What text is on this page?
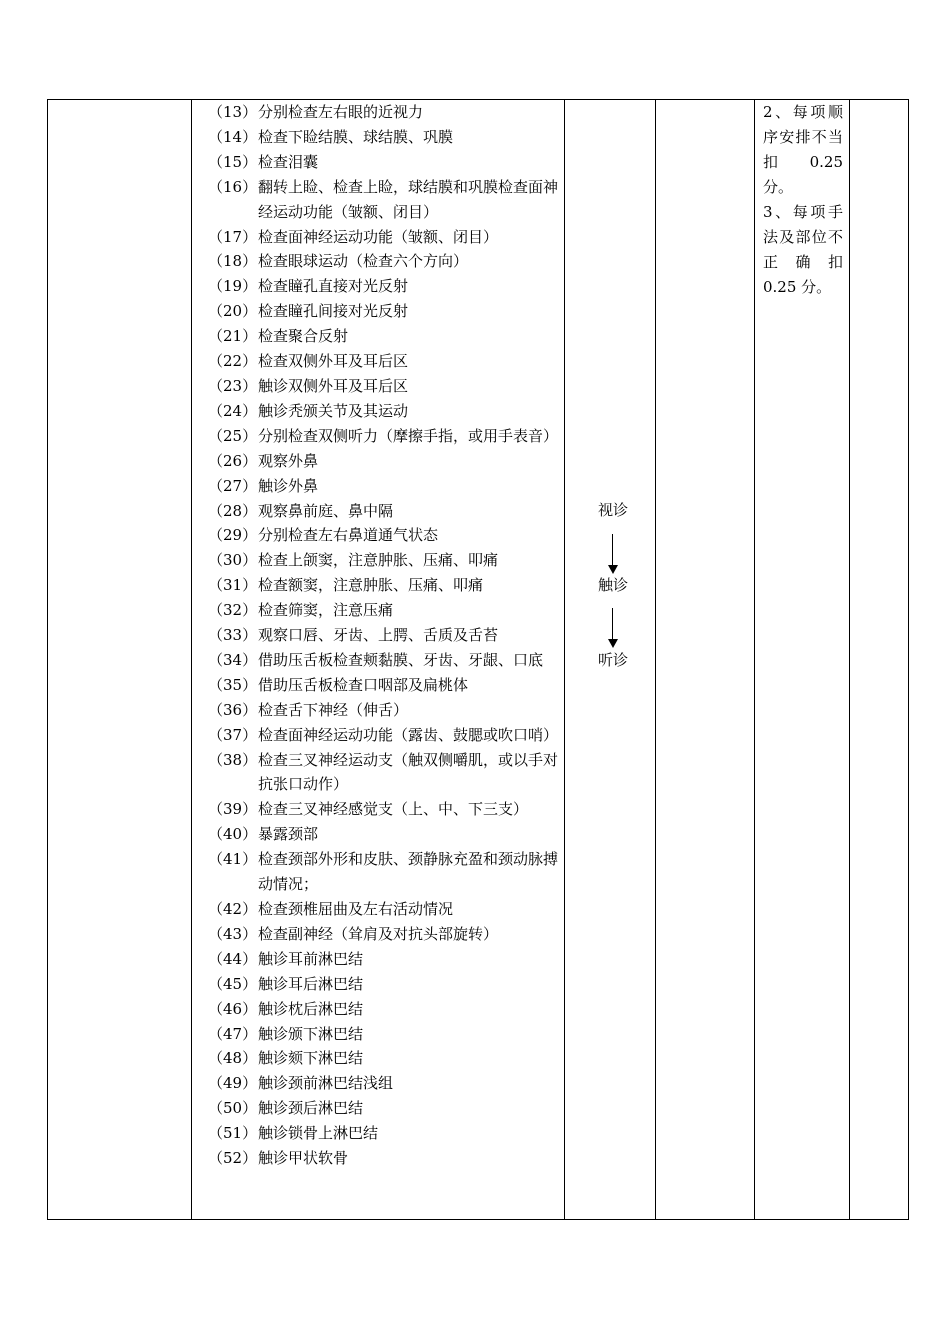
（13） 分别检查左右眼的近视力
（14） 检查下睑结膜、球结膜、巩膜
（15） 检查泪囊
（16） 翻转上睑、检查上睑，球结膜和巩膜检查面神经运动功能（皱额、闭目）
（17） 检查面神经运动功能（皱额、闭目）
（18） 检查眼球运动（检查六个方向）
（19） 检查瞳孔直接对光反射
（20） 检查瞳孔间接对光反射
（21） 检查聚合反射
（22） 检查双侧外耳及耳后区
（23） 触诊双侧外耳及耳后区
（24） 触诊秃颁关节及其运动
（25） 分别检查双侧听力（摩擦手指，或用手表音）
（26） 观察外鼻
（27） 触诊外鼻
（28） 观察鼻前庭、鼻中隔
（29） 分别检查左右鼻道通气状态
（30） 检查上颌窦，注意肿胀、压痛、叩痛
（31） 检查额窦，注意肿胀、压痛、叩痛
（32） 检查筛窦，注意压痛
（33） 观察口唇、牙齿、上腭、舌质及舌苔
（34） 借助压舌板检查颊黏膜、牙齿、牙龈、口底
（35） 借助压舌板检查口咽部及扁桃体
（36） 检查舌下神经（伸舌）
（37） 检查面神经运动功能（露齿、鼓腮或吹口哨）
（38） 检查三叉神经运动支（触双侧嚼肌，或以手对抗张口动作）
（39） 检查三叉神经感觉支（上、中、下三支）
（40） 暴露颈部
（41） 检查颈部外形和皮肤、颈静脉充盈和颈动脉搏动情况；
（42） 检查颈椎屈曲及左右活动情况
（43） 检查副神经（耸肩及对抗头部旋转）
（44） 触诊耳前淋巴结
（45） 触诊耳后淋巴结
（46） 触诊枕后淋巴结
（47） 触诊颁下淋巴结
（48） 触诊颏下淋巴结
（49） 触诊颈前淋巴结浅组
（50） 触诊颈后淋巴结
（51） 触诊锁骨上淋巴结
（52） 触诊甲状软骨
视诊
触诊
听诊

2、每项顺序安排不当扣 0.25 分。

3、每项手法及部位不正确扣 0.25 分。
